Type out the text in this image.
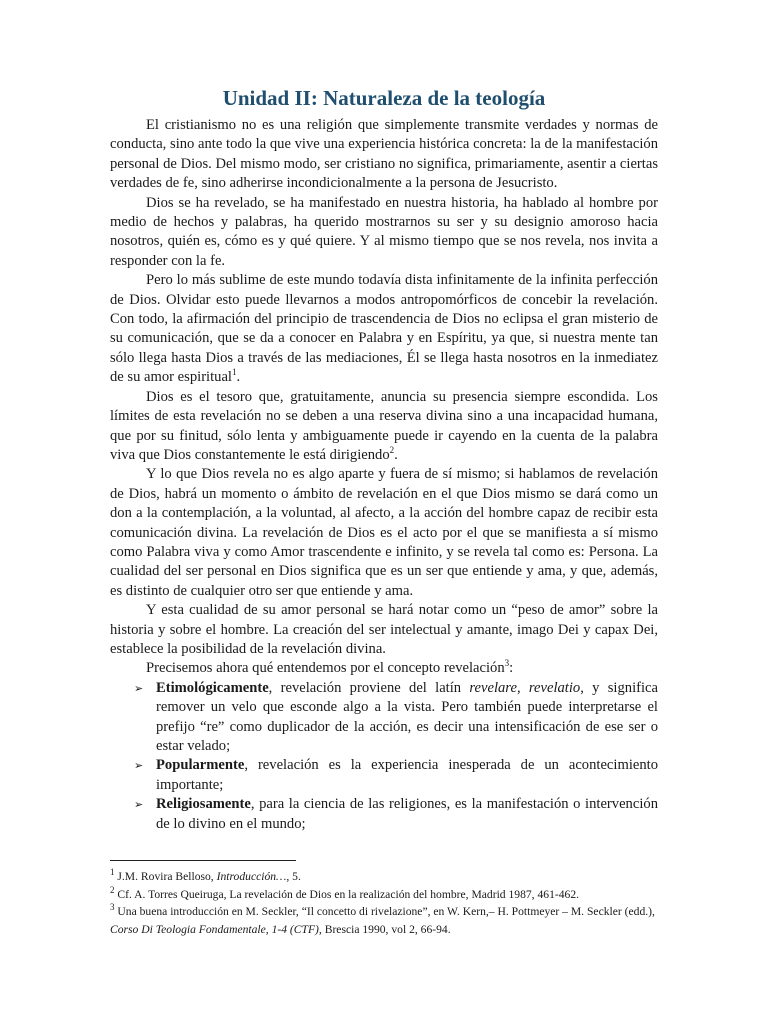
Unidad II: Naturaleza de la teología

El cristianismo no es una religión que simplemente transmite verdades y normas de conducta, sino ante todo la que vive una experiencia histórica concreta: la de la manifestación personal de Dios. Del mismo modo, ser cristiano no significa, primariamente, asentir a ciertas verdades de fe, sino adherirse incondicionalmente a la persona de Jesucristo.

Dios se ha revelado, se ha manifestado en nuestra historia, ha hablado al hombre por medio de hechos y palabras, ha querido mostrarnos su ser y su designio amoroso hacia nosotros, quién es, cómo es y qué quiere. Y al mismo tiempo que se nos revela, nos invita a responder con la fe.

Pero lo más sublime de este mundo todavía dista infinitamente de la infinita perfección de Dios. Olvidar esto puede llevarnos a modos antropomórficos de concebir la revelación. Con todo, la afirmación del principio de trascendencia de Dios no eclipsa el gran misterio de su comunicación, que se da a conocer en Palabra y en Espíritu, ya que, si nuestra mente tan sólo llega hasta Dios a través de las mediaciones, Él se llega hasta nosotros en la inmediatez de su amor espiritual$^1$.

Dios es el tesoro que, gratuitamente, anuncia su presencia siempre escondida. Los límites de esta revelación no se deben a una reserva divina sino a una incapacidad humana, que por su finitud, sólo lenta y ambiguamente puede ir cayendo en la cuenta de la palabra viva que Dios constantemente le está dirigiendo$^2$.

Y lo que Dios revela no es algo aparte y fuera de sí mismo; si hablamos de revelación de Dios, habrá un momento o ámbito de revelación en el que Dios mismo se dará como un don a la contemplación, a la voluntad, al afecto, a la acción del hombre capaz de recibir esta comunicación divina. La revelación de Dios es el acto por el que se manifiesta a sí mismo como Palabra viva y como Amor trascendente e infinito, y se revela tal como es: Persona. La cualidad del ser personal en Dios significa que es un ser que entiende y ama, y que, además, es distinto de cualquier otro ser que entiende y ama.

Y esta cualidad de su amor personal se hará notar como un “peso de amor” sobre la historia y sobre el hombre. La creación del ser intelectual y amante, imago Dei y capax Dei, establece la posibilidad de la revelación divina.

Precisemos ahora qué entendemos por el concepto revelación$^3$:

➢ Etimológicamente, revelación proviene del latín revelare, revelatio, y significa remover un velo que esconde algo a la vista. Pero también puede interpretarse el prefijo “re” como duplicador de la acción, es decir una intensificación de ese ser o estar velado;
➢ Popularmente, revelación es la experiencia inesperada de un acontecimiento importante;
➢ Religiosamente, para la ciencia de las religiones, es la manifestación o intervención de lo divino en el mundo;

$^1$ J.M. Rovira Belloso, Introducción…, 5.

$^2$ Cf. A. Torres Queiruga, La revelación de Dios en la realización del hombre, Madrid 1987, 461-462.

$^3$ Una buena introducción en M. Seckler, “Il concetto di rivelazione”, en W. Kern,– H. Pottmeyer – M. Seckler (edd.), Corso Di Teologia Fondamentale, 1-4 (CTF), Brescia 1990, vol 2, 66-94.
